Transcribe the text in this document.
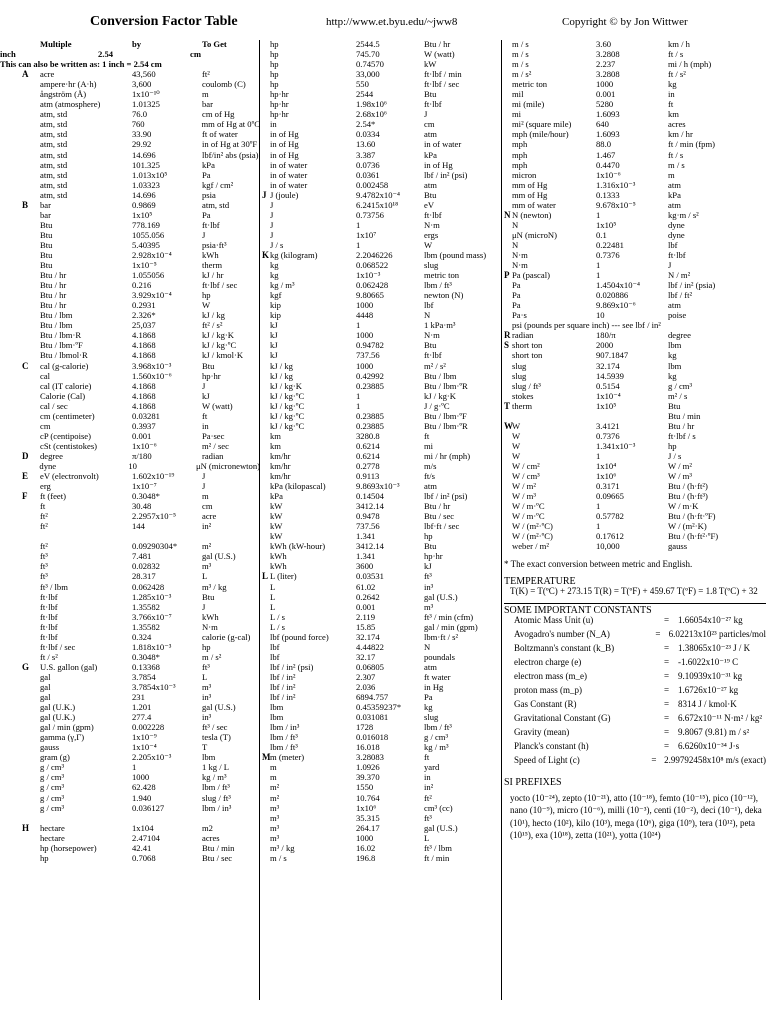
Conversion Factor Table	http://www.et.byu.edu/~jww8	Copyright © by Jon Wittwer
Multiple	by	To Get
inch	2.54	cm
This can also be written as: 1 inch = 2.54 cm
A	acre	43,560	ft²
ampere·hr (A·h)	3,600	coulomb (C)
ångström (Å)	1x10⁻¹⁰	m
atm (atmosphere)	1.01325	bar
atm, std	76.0	cm of Hg
atm, std	760	mm of Hg at 0ºC
atm, std	33.90	ft of water
atm, std	29.92	in of Hg at 30ºF
atm, std	14.696	lbf/in² abs (psia)
atm, std	101.325	kPa
atm, std	1.013x10⁵	Pa
atm, std	1.03323	kgf / cm²
atm, std	14.696	psia
B	bar	0.9869	atm, std
bar	1x10⁵	Pa
Btu	778.169	ft·lbf
Btu	1055.056	J
Btu	5.40395	psia·ft³
Btu	2.928x10⁻⁴	kWh
Btu	1x10⁻⁵	therm
Btu / hr	1.055056	kJ / hr
Btu / hr	0.216	ft·lbf / sec
Btu / hr	3.929x10⁻⁴	hp
Btu / hr	0.2931	W
Btu / lbm	2.326*	kJ / kg
Btu / lbm	25,037	ft² / s²
Btu / lbm·R	4.1868	kJ / kg·K
Btu / lbm·ºF	4.1868	kJ / kg·ºC
Btu / lbmol·R	4.1868	kJ / kmol·K
C	cal (g-calorie)	3.968x10⁻³	Btu
cal	1.560x10⁻⁶	hp·hr
cal (IT calorie)	4.1868	J
Calorie (Cal)	4.1868	kJ
cal / sec	4.1868	W (watt)
cm (centimeter)	0.03281	ft
cm	0.3937	in
cP (centipoise)	0.001	Pa·sec
cSt (centistokes)	1x10⁻⁶	m² / sec
D	degree	π/180	radian
dyne	10	μN (micronewton)
E	eV (electronvolt)	1.602x10⁻¹⁹	J
erg	1x10⁻⁷	J
F	ft (feet)	0.3048*	m
ft	30.48	cm
ft²	2.2957x10⁻⁵	acre
ft²	144	in²
ft²	0.09290304*	m²
ft³	7.481	gal (U.S.)
ft³	0.02832	m³
ft³	28.317	L
ft³ / lbm	0.062428	m³ / kg
ft·lbf	1.285x10⁻³	Btu
ft·lbf	1.35582	J
ft·lbf	3.766x10⁻⁷	kWh
ft·lbf	1.35582	N·m
ft·lbf	0.324	calorie (g-cal)
ft·lbf / sec	1.818x10⁻³	hp
ft / s²	0.3048*	m / s²
G	U.S. gallon (gal)	0.13368	ft³
gal	3.7854	L
gal	3.7854x10⁻³	m³
gal	231	in³
gal (U.K.)	1.201	gal (U.S.)
gal (U.K.)	277.4	in³
gal / min (gpm)	0.002228	ft³ / sec
gamma (γ,Γ)	1x10⁻⁹	tesla (T)
gauss	1x10⁻⁴	T
gram (g)	2.205x10⁻³	lbm
g / cm³	1	1 kg / L
g / cm³	1000	kg / m³
g / cm³	62.428	lbm / ft³
g / cm³	1.940	slug / ft³
g / cm³	0.036127	lbm / in³
H	hectare	1x104	m2
hectare	2.47104	acres
hp (horsepower)	42.41	Btu / min
hp	0.7068	Btu / sec
hp	2544.5	Btu / hr
hp	745.70	W (watt)
hp	0.74570	kW
hp	33,000	ft·lbf / min
hp	550	ft·lbf / sec
hp·hr	2544	Btu
hp·hr	1.98x10⁶	ft·lbf
hp·hr	2.68x10⁶	J
in	2.54*	cm
in of Hg	0.0334	atm
in of Hg	13.60	in of water
in of Hg	3.387	kPa
in of water	0.0736	in of Hg
in of water	0.0361	lbf / in² (psi)
in of water	0.002458	atm
J J (joule)	9.4782x10⁻⁴	Btu
J	6.2415x10¹⁸	eV
J	0.73756	ft·lbf
J	1	N·m
J	1x10⁷	ergs
J / s	1	W
K kg (kilogram)	2.2046226	lbm (pound mass)
kg	0.068522	slug
kg	1x10⁻³	metric ton
kg / m³	0.062428	lbm / ft³
kgf	9.80665	newton (N)
kip	1000	lbf
kip	4448	N
kJ	1	1 kPa·m³
kJ	1000	N·m
kJ	0.94782	Btu
kJ	737.56	ft·lbf
kJ / kg	1000	m² / s²
kJ / kg	0.42992	Btu / lbm
kJ / kg·K	0.23885	Btu / lbm·ºR
kJ / kg·ºC	1	kJ / kg·K
kJ / kg·ºC	1	J / g·ºC
kJ / kg·ºC	0.23885	Btu / lbm·ºF
kJ / kg·ºC	0.23885	Btu / lbm·ºR
km	3280.8	ft
km	0.6214	mi
km/hr	0.6214	mi / hr (mph)
km/hr	0.2778	m/s
km/hr	0.9113	ft/s
kPa (kilopascal)	9.8693x10⁻³	atm
kPa	0.14504	lbf / in² (psi)
kW	3412.14	Btu / hr
kW	0.9478	Btu / sec
kW	737.56	lbf·ft / sec
kW	1.341	hp
kWh (kW-hour)	3412.14	Btu
kWh	1.341	hp·hr
kWh	3600	kJ
L L (liter)	0.03531	ft³
L	61.02	in³
L	0.2642	gal (U.S.)
L	0.001	m³
L / s	2.119	ft³ / min (cfm)
L / s	15.85	gal / min (gpm)
lbf (pound force)	32.174	lbm·ft / s²
lbf	4.44822	N
lbf	32.17	poundals
lbf / in² (psi)	0.06805	atm
lbf / in²	2.307	ft water
lbf / in²	2.036	in Hg
lbf / in²	6894.757	Pa
lbm	0.45359237*	kg
lbm	0.031081	slug
lbm / in³	1728	lbm / ft³
lbm / ft³	0.016018	g / cm³
lbm / ft³	16.018	kg / m³
M m (meter)	3.28083	ft
m	1.0926	yard
m	39.370	in
m²	1550	in²
m²	10.764	ft²
m³	1x10⁶	cm³ (cc)
m³	35.315	ft³
m³	264.17	gal (U.S.)
m³	1000	L
m³ / kg	16.02	ft³ / lbm
m / s	196.8	ft / min
m / s	3.60	km / h
m / s	3.2808	ft / s
m / s	2.237	mi / h (mph)
m / s²	3.2808	ft / s²
metric ton	1000	kg
mil	0.001	in
mi (mile)	5280	ft
mi	1.6093	km
mi² (square mile)	640	acres
mph (mile/hour)	1.6093	km / hr
mph	88.0	ft / min (fpm)
mph	1.467	ft / s
mph	0.4470	m / s
micron	1x10⁻⁶	m
mm of Hg	1.316x10⁻³	atm
mm of Hg	0.1333	kPa
mm of water	9.678x10⁻⁵	atm
N N (newton)	1	kg·m / s²
N	1x10⁵	dyne
μN (microN)	0.1	dyne
N	0.22481	lbf
N·m	0.7376	ft·lbf
N·m	1	J
P Pa (pascal)	1	N / m²
Pa	1.4504x10⁻⁴	lbf / in² (psia)
Pa	0.020886	lbf / ft²
Pa	9.869x10⁻⁶	atm
Pa·s	10	poise
psi (pounds per square inch) --- see lbf / in²
R radian	180/π	degree
S short ton	2000	lbm
short ton	907.1847	kg
slug	32.174	lbm
slug	14.5939	kg
slug / ft³	0.5154	g / cm³
stokes	1x10⁻⁴	m² / s
T therm	1x10⁵	Btu
Btu / min
W W	3.4121	Btu / hr
W	0.7376	ft·lbf / s
W	1.341x10⁻³	hp
W	1	J / s
W / cm²	1x10⁴	W / m²
W / cm³	1x10⁶	W / m³
W / m²	0.3171	Btu / (h·ft²)
W / m³	0.09665	Btu / (h·ft³)
W / m·ºC	1	W / m·K
W / m·ºC	0.57782	Btu / (h·ft·ºF)
W / (m²·ºC)	1	W / (m²·K)
W / (m²·ºC)	0.17612	Btu / (h·ft²·ºF)
weber / m²	10,000	gauss
* The exact conversion between metric and English.
TEMPERATURE
T(K) = T(ºC) + 273.15 T(R) = T(ºF) + 459.67 T(ºF) = 1.8 T(ºC) + 32
SOME IMPORTANT CONSTANTS
Atomic Mass Unit (u)	= 1.66054x10⁻²⁷ kg
Avogadro's number (N_A)	= 6.02213x10²³ particles/mol
Boltzmann's constant (k_B)	= 1.38065x10⁻²³ J / K
electron charge (e)	= -1.6022x10⁻¹⁹ C
electron mass (m_e)	= 9.10939x10⁻³¹ kg
proton mass (m_p)	= 1.6726x10⁻²⁷ kg
Gas Constant (R)	= 8314 J / kmol·K
Gravitational Constant (G)	= 6.672x10⁻¹¹ N·m² / kg²
Gravity (mean)	= 9.8067 (9.81) m / s²
Planck's constant (h)	= 6.6260x10⁻³⁴ J·s
Speed of Light (c)	= 2.99792458x10⁸ m/s (exact)
SI PREFIXES
yocto (10⁻²⁴), zepto (10⁻²¹), atto (10⁻¹⁸), femto (10⁻¹⁵), pico (10⁻¹²), nano (10⁻⁹), micro (10⁻⁶), milli (10⁻³), centi (10⁻²), deci (10⁻¹), deka (10¹), hecto (10²), kilo (10³), mega (10⁶), giga (10⁹), tera (10¹²), peta (10¹⁵), exa (10¹⁸), zetta (10²¹), yotta (10²⁴)
